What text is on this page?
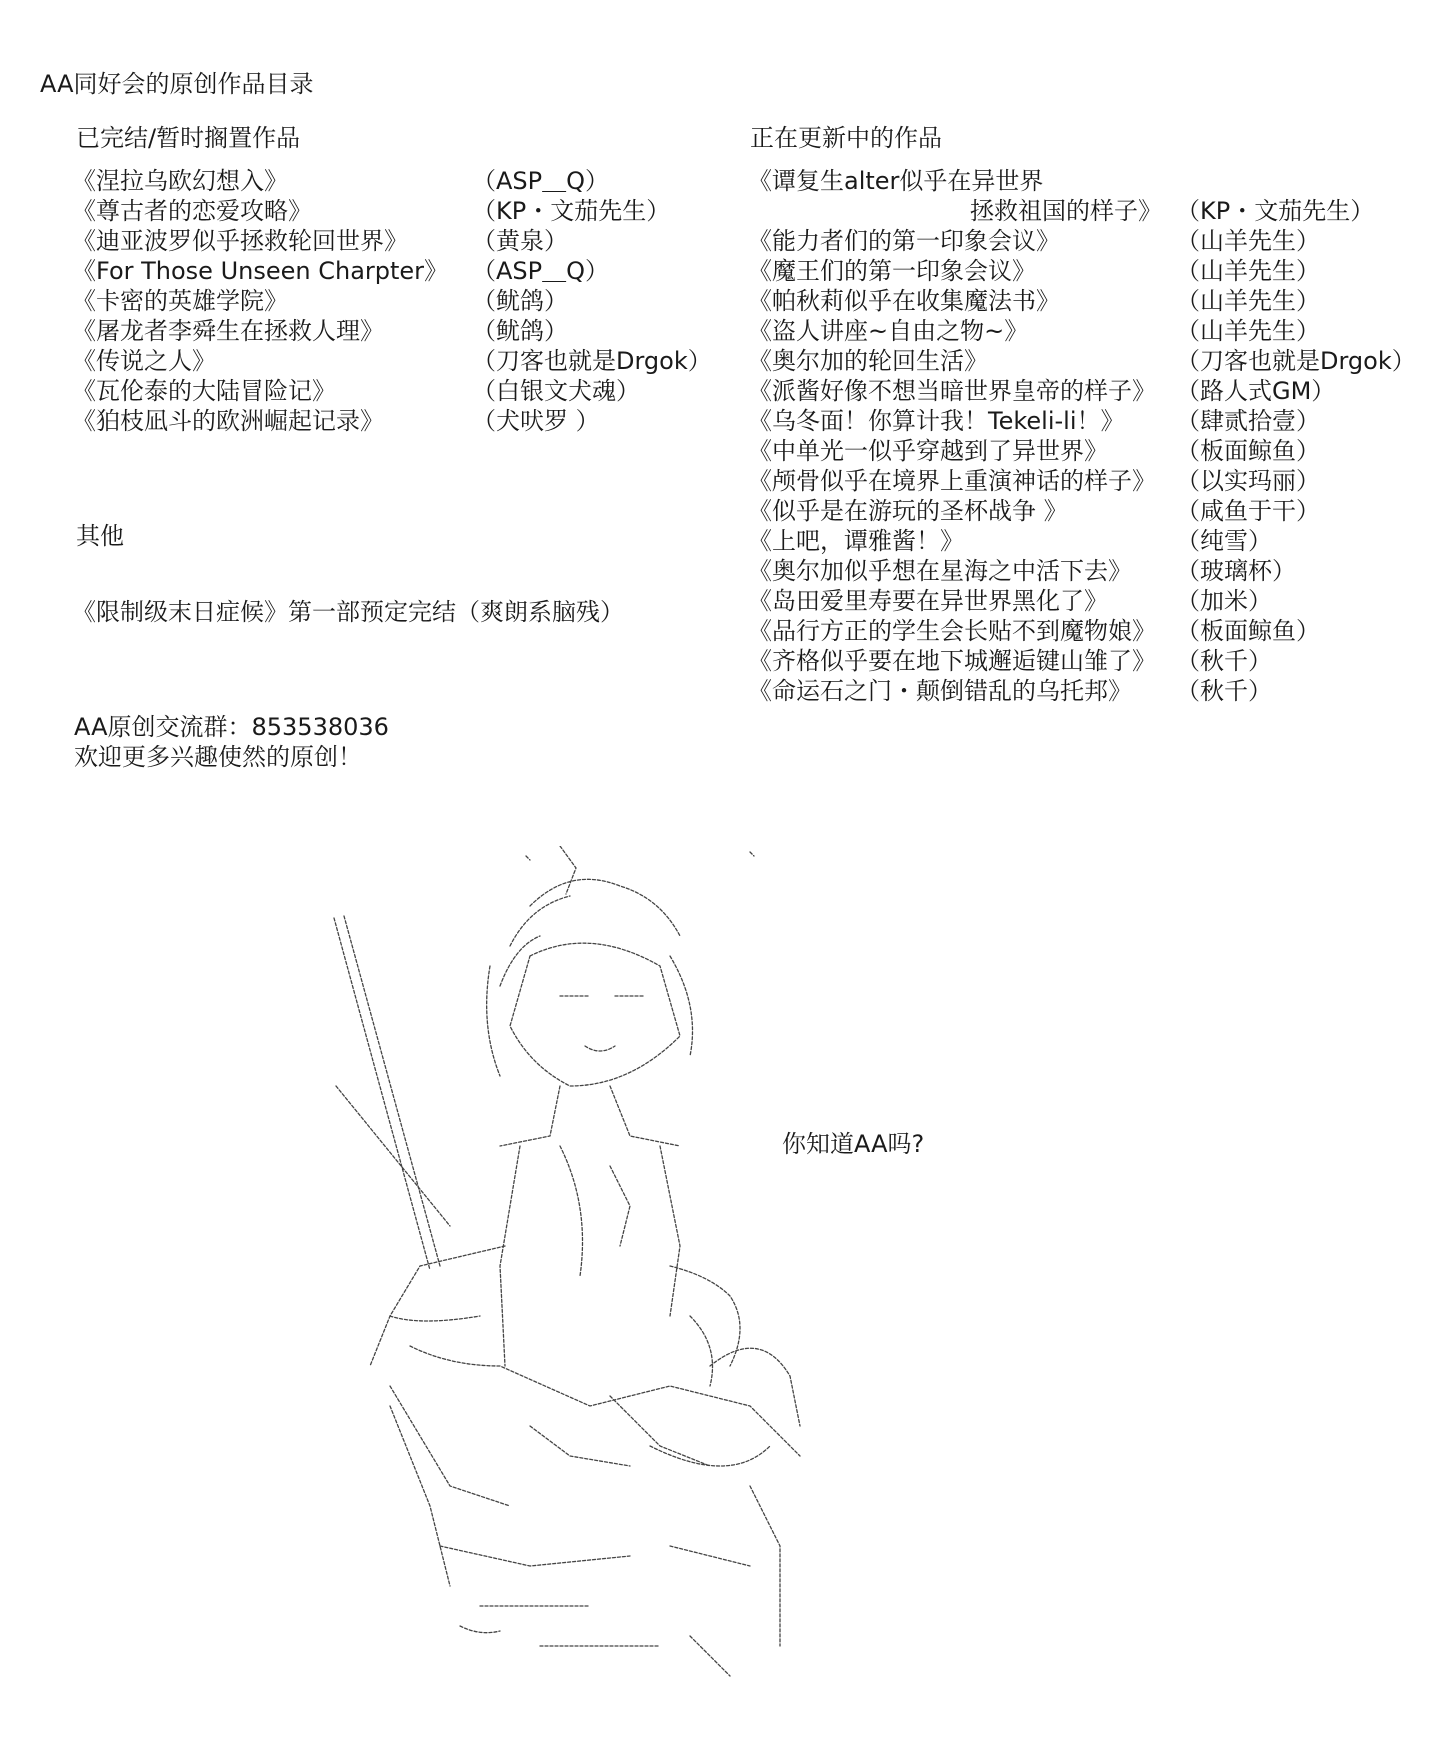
AA同好会的原创作品目录
已完结/暂时搁置作品	正在更新中的作品
《涅拉乌欧幻想入》	（ASP＿Q）
《尊古者的恋爱攻略》	（KP・文茄先生）
《迪亚波罗似乎拯救轮回世界》	（黄泉）
《For Those Unseen Charpter》 （ASP＿Q）
《卡密的英雄学院》	（鱿鸽）
《屠龙者李舜生在拯救人理》	（鱿鸽）
《传说之人》	（刀客也就是Drgok）
《瓦伦泰的大陆冒险记》	（白银文犬魂）
《狛枝凪斗的欧洲崛起记录》	（犬吠罗 ）
《谭复生alter似乎在异世界
拯救祖国的样子》 （KP・文茄先生）
《能力者们的第一印象会议》	（山羊先生）
《魔王们的第一印象会议》	（山羊先生）
《帕秋莉似乎在收集魔法书》	（山羊先生）
《盗人讲座~自由之物~》	（山羊先生）
《奥尔加的轮回生活》	（刀客也就是Drgok）
《派酱好像不想当暗世界皇帝的样子》 （路人式GM）
《乌冬面！你算计我！Tekeli-li！》 （肆贰拾壹）
《中单光一似乎穿越到了异世界》	（板面鲸鱼）
《颅骨似乎在境界上重演神话的样子》 （以实玛丽）
《似乎是在游玩的圣杯战争 》	（咸鱼于干）
《上吧，谭雅酱！》	（纯雪）
《奥尔加似乎想在星海之中活下去》 （玻璃杯）
《岛田爱里寿要在异世界黑化了》	（加米）
《品行方正的学生会长贴不到魔物娘》 （板面鲸鱼）
《齐格似乎要在地下城邂逅键山雏了》 （秋千）
《命运石之门・颠倒错乱的乌托邦》 （秋千）
其他
《限制级末日症候》第一部预定完结（爽朗系脑残）
AA原创交流群：853538036
欢迎更多兴趣使然的原创！
你知道AA吗?
